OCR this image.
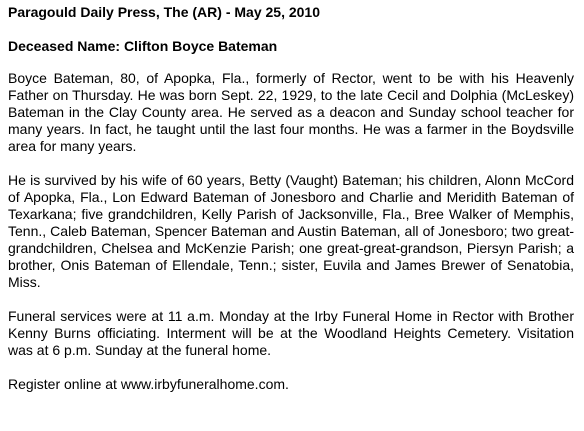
Paragould Daily Press, The (AR) - May 25, 2010

Deceased Name: Clifton Boyce Bateman

Boyce Bateman, 80, of Apopka, Fla., formerly of Rector, went to be with his Heavenly Father on Thursday. He was born Sept. 22, 1929, to the late Cecil and Dolphia (McLeskey) Bateman in the Clay County area. He served as a deacon and Sunday school teacher for many years. In fact, he taught until the last four months. He was a farmer in the Boydsville area for many years.

He is survived by his wife of 60 years, Betty (Vaught) Bateman; his children, Alonn McCord of Apopka, Fla., Lon Edward Bateman of Jonesboro and Charlie and Meridith Bateman of Texarkana; five grandchildren, Kelly Parish of Jacksonville, Fla., Bree Walker of Memphis, Tenn., Caleb Bateman, Spencer Bateman and Austin Bateman, all of Jonesboro; two great-grandchildren, Chelsea and McKenzie Parish; one great-great-grandson, Piersyn Parish; a brother, Onis Bateman of Ellendale, Tenn.; sister, Euvila and James Brewer of Senatobia, Miss.

Funeral services were at 11 a.m. Monday at the Irby Funeral Home in Rector with Brother Kenny Burns officiating. Interment will be at the Woodland Heights Cemetery. Visitation was at 6 p.m. Sunday at the funeral home.

Register online at www.irbyfuneralhome.com.
